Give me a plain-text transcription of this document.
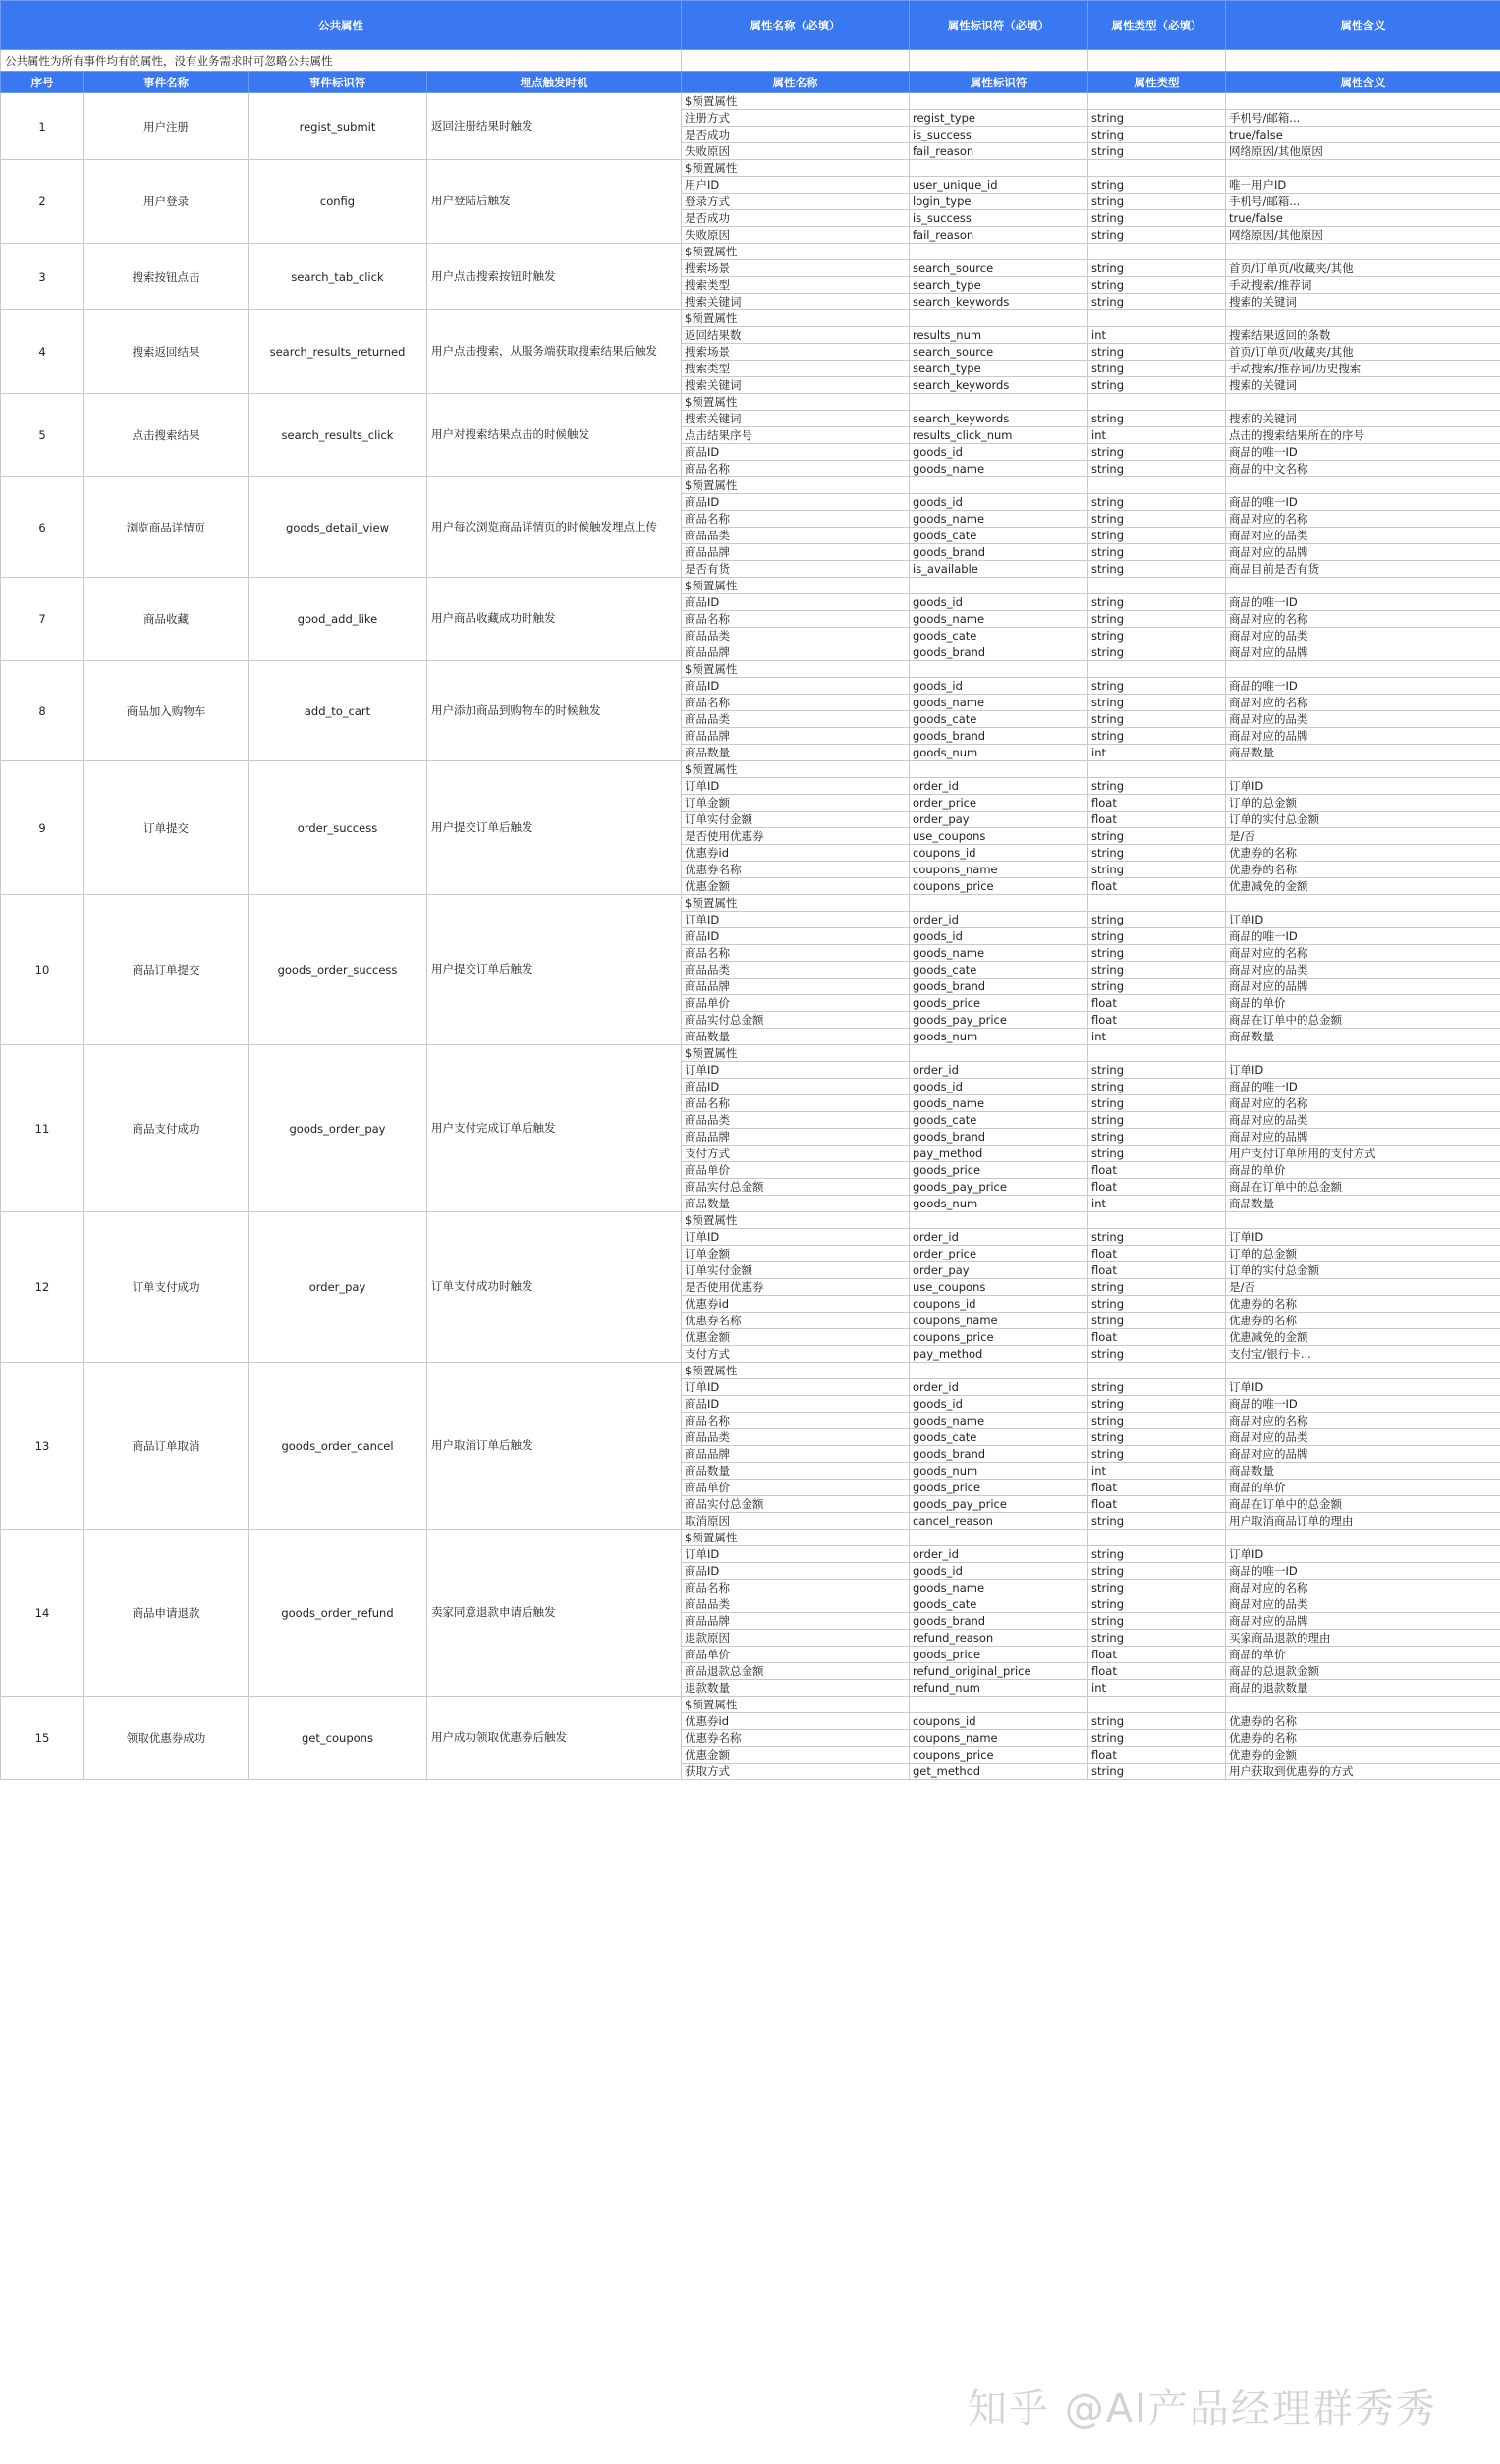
公共属性	属性名称（必填）	属性标识符（必填）	属性类型（必填）	属性含义
公共属性为所有事件均有的属性，没有业务需求时可忽略公共属性				
序号	事件名称	事件标识符	埋点触发时机	属性名称	属性标识符	属性类型	属性含义
1	用户注册	regist_submit	返回注册结果时触发	$预置属性			
				注册方式	regist_type	string	手机号/邮箱...
				是否成功	is_success	string	true/false
				失败原因	fail_reason	string	网络原因/其他原因
2	用户登录	config	用户登陆后触发	$预置属性			
				用户ID	user_unique_id	string	唯一用户ID
				登录方式	login_type	string	手机号/邮箱...
				是否成功	is_success	string	true/false
				失败原因	fail_reason	string	网络原因/其他原因
3	搜索按钮点击	search_tab_click	用户点击搜索按钮时触发	$预置属性			
				搜索场景	search_source	string	首页/订单页/收藏夹/其他
				搜索类型	search_type	string	手动搜索/推荐词
				搜索关键词	search_keywords	string	搜索的关键词
4	搜索返回结果	search_results_returned	用户点击搜索，从服务端获取搜索结果后触发	$预置属性			
				返回结果数	results_num	int	搜索结果返回的条数
				搜索场景	search_source	string	首页/订单页/收藏夹/其他
				搜索类型	search_type	string	手动搜索/推荐词/历史搜索
				搜索关键词	search_keywords	string	搜索的关键词
5	点击搜索结果	search_results_click	用户对搜索结果点击的时候触发	$预置属性			
				搜索关键词	search_keywords	string	搜索的关键词
				点击结果序号	results_click_num	int	点击的搜索结果所在的序号
				商品ID	goods_id	string	商品的唯一ID
				商品名称	goods_name	string	商品的中文名称
6	浏览商品详情页	goods_detail_view	用户每次浏览商品详情页的时候触发埋点上传	$预置属性			
				商品ID	goods_id	string	商品的唯一ID
				商品名称	goods_name	string	商品对应的名称
				商品品类	goods_cate	string	商品对应的品类
				商品品牌	goods_brand	string	商品对应的品牌
				是否有货	is_available	string	商品目前是否有货
7	商品收藏	good_add_like	用户商品收藏成功时触发	$预置属性			
				商品ID	goods_id	string	商品的唯一ID
				商品名称	goods_name	string	商品对应的名称
				商品品类	goods_cate	string	商品对应的品类
				商品品牌	goods_brand	string	商品对应的品牌
8	商品加入购物车	add_to_cart	用户添加商品到购物车的时候触发	$预置属性			
				商品ID	goods_id	string	商品的唯一ID
				商品名称	goods_name	string	商品对应的名称
				商品品类	goods_cate	string	商品对应的品类
				商品品牌	goods_brand	string	商品对应的品牌
				商品数量	goods_num	int	商品数量
9	订单提交	order_success	用户提交订单后触发	$预置属性			
				订单ID	order_id	string	订单ID
				订单金额	order_price	float	订单的总金额
				订单实付金额	order_pay	float	订单的实付总金额
				是否使用优惠券	use_coupons	string	是/否
				优惠券id	coupons_id	string	优惠券的名称
				优惠券名称	coupons_name	string	优惠券的名称
				优惠金额	coupons_price	float	优惠减免的金额
10	商品订单提交	goods_order_success	用户提交订单后触发	$预置属性			
				订单ID	order_id	string	订单ID
				商品ID	goods_id	string	商品的唯一ID
				商品名称	goods_name	string	商品对应的名称
				商品品类	goods_cate	string	商品对应的品类
				商品品牌	goods_brand	string	商品对应的品牌
				商品单价	goods_price	float	商品的单价
				商品实付总金额	goods_pay_price	float	商品在订单中的总金额
				商品数量	goods_num	int	商品数量
11	商品支付成功	goods_order_pay	用户支付完成订单后触发	$预置属性			
				订单ID	order_id	string	订单ID
				商品ID	goods_id	string	商品的唯一ID
				商品名称	goods_name	string	商品对应的名称
				商品品类	goods_cate	string	商品对应的品类
				商品品牌	goods_brand	string	商品对应的品牌
				支付方式	pay_method	string	用户支付订单所用的支付方式
				商品单价	goods_price	float	商品的单价
				商品实付总金额	goods_pay_price	float	商品在订单中的总金额
				商品数量	goods_num	int	商品数量
12	订单支付成功	order_pay	订单支付成功时触发	$预置属性			
				订单ID	order_id	string	订单ID
				订单金额	order_price	float	订单的总金额
				订单实付金额	order_pay	float	订单的实付总金额
				是否使用优惠券	use_coupons	string	是/否
				优惠券id	coupons_id	string	优惠券的名称
				优惠券名称	coupons_name	string	优惠券的名称
				优惠金额	coupons_price	float	优惠减免的金额
				支付方式	pay_method	string	支付宝/银行卡...
13	商品订单取消	goods_order_cancel	用户取消订单后触发	$预置属性			
				订单ID	order_id	string	订单ID
				商品ID	goods_id	string	商品的唯一ID
				商品名称	goods_name	string	商品对应的名称
				商品品类	goods_cate	string	商品对应的品类
				商品品牌	goods_brand	string	商品对应的品牌
				商品数量	goods_num	int	商品数量
				商品单价	goods_price	float	商品的单价
				商品实付总金额	goods_pay_price	float	商品在订单中的总金额
				取消原因	cancel_reason	string	用户取消商品订单的理由
14	商品申请退款	goods_order_refund	卖家同意退款申请后触发	$预置属性			
				订单ID	order_id	string	订单ID
				商品ID	goods_id	string	商品的唯一ID
				商品名称	goods_name	string	商品对应的名称
				商品品类	goods_cate	string	商品对应的品类
				商品品牌	goods_brand	string	商品对应的品牌
				退款原因	refund_reason	string	买家商品退款的理由
				商品单价	goods_price	float	商品的单价
				商品退款总金额	refund_original_price	float	商品的总退款金额
				退款数量	refund_num	int	商品的退款数量
15	领取优惠券成功	get_coupons	用户成功领取优惠券后触发	$预置属性			
				优惠券id	coupons_id	string	优惠券的名称
				优惠券名称	coupons_name	string	优惠券的名称
				优惠金额	coupons_price	float	优惠券的金额
				获取方式	get_method	string	用户获取到优惠券的方式
知乎 @AI产品经理群秀秀
